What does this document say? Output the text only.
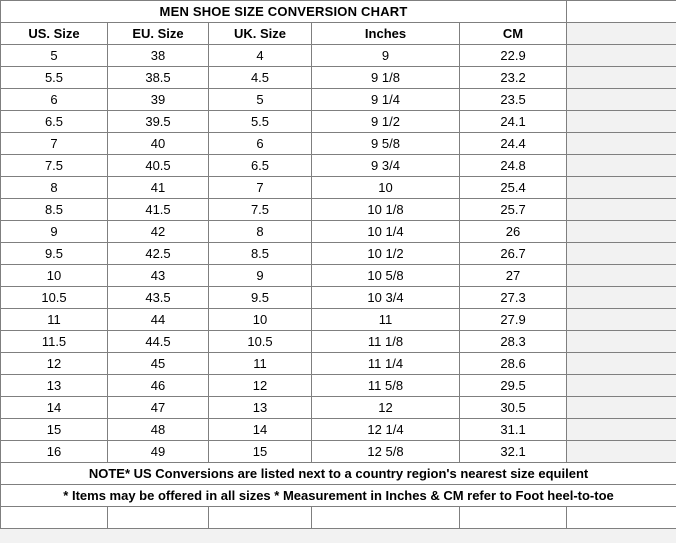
MEN SHOE SIZE CONVERSION CHART					
US. Size	EU. Size	UK. Size	Inches	CM	
5	38	4	9	22.9	
5.5	38.5	4.5	9 1/8	23.2	
6	39	5	9 1/4	23.5	
6.5	39.5	5.5	9 1/2	24.1	
7	40	6	9 5/8	24.4	
7.5	40.5	6.5	9 3/4	24.8	
8	41	7	10	25.4	
8.5	41.5	7.5	10 1/8	25.7	
9	42	8	10 1/4	26	
9.5	42.5	8.5	10 1/2	26.7	
10	43	9	10 5/8	27	
10.5	43.5	9.5	10 3/4	27.3	
11	44	10	11	27.9	
11.5	44.5	10.5	11 1/8	28.3	
12	45	11	11 1/4	28.6	
13	46	12	11 5/8	29.5	
14	47	13	12	30.5	
15	48	14	12 1/4	31.1	
16	49	15	12 5/8	32.1	
NOTE* US Conversions are listed next to a country region's nearest size equilent					
* Items may be offered in all sizes * Measurement in Inches & CM refer to Foot heel-to-toe					
